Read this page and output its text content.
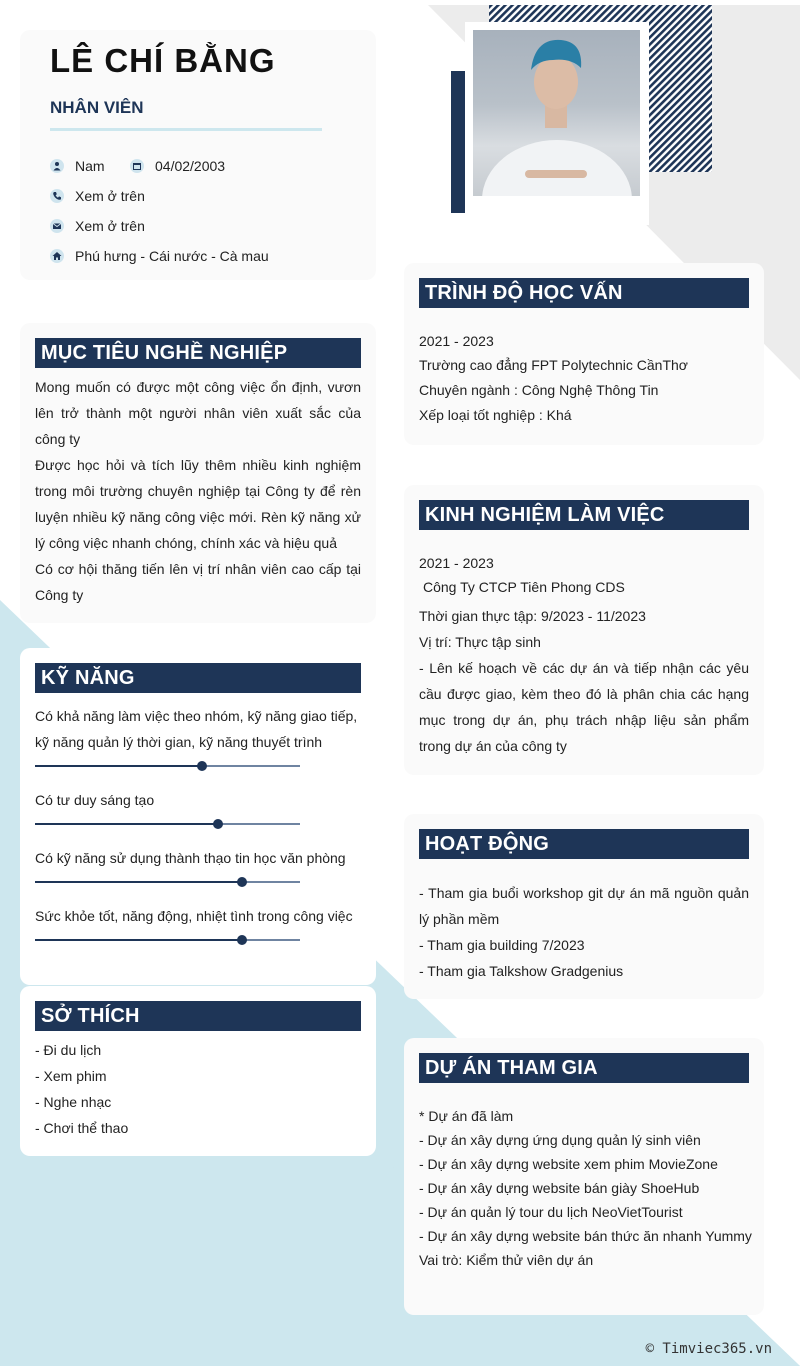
LÊ CHÍ BẰNG
NHÂN VIÊN
Nam	04/02/2003
Xem ở trên
Xem ở trên
Phú hưng - Cái nước - Cà mau
MỤC TIÊU NGHỀ NGHIỆP
Mong muốn có được một công việc ổn định, vươn lên trở thành một người nhân viên xuất sắc của công ty
Được học hỏi và tích lũy thêm nhiều kinh nghiệm trong môi trường chuyên nghiệp tại Công ty để rèn luyện nhiều kỹ năng công việc mới. Rèn kỹ năng xử lý công việc nhanh chóng, chính xác và hiệu quả
Có cơ hội thăng tiến lên vị trí nhân viên cao cấp tại Công ty
KỸ NĂNG
Có khả năng làm việc theo nhóm, kỹ năng giao tiếp, kỹ năng quản lý thời gian, kỹ năng thuyết trình
Có tư duy sáng tạo
Có kỹ năng sử dụng thành thạo tin học văn phòng
Sức khỏe tốt, năng động, nhiệt tình trong công việc
SỞ THÍCH
- Đi du lịch
- Xem phim
- Nghe nhạc
- Chơi thể thao
TRÌNH ĐỘ HỌC VẤN
2021 - 2023
Trường cao đẳng FPT Polytechnic CầnThơ
Chuyên ngành : Công Nghệ Thông Tin
Xếp loại tốt nghiệp : Khá
KINH NGHIỆM LÀM VIỆC
2021 - 2023
Công Ty CTCP Tiên Phong CDS
Thời gian thực tập: 9/2023 - 11/2023
Vị trí: Thực tập sinh
- Lên kế hoạch về các dự án và tiếp nhận các yêu cầu được giao, kèm theo đó là phân chia các hạng mục trong dự án, phụ trách nhập liệu sản phẩm trong dự án của công ty
HOẠT ĐỘNG
- Tham gia buổi workshop git dự án mã nguồn quản lý phần mềm
- Tham gia building 7/2023
- Tham gia Talkshow Gradgenius
DỰ ÁN THAM GIA
* Dự án đã làm
- Dự án xây dựng ứng dụng quản lý sinh viên
- Dự án xây dựng website xem phim MovieZone
- Dự án xây dựng website bán giày ShoeHub
- Dự án quản lý tour du lịch NeoVietTourist
- Dự án xây dựng website bán thức ăn nhanh Yummy
Vai trò: Kiểm thử viên dự án
© Timviec365.vn
